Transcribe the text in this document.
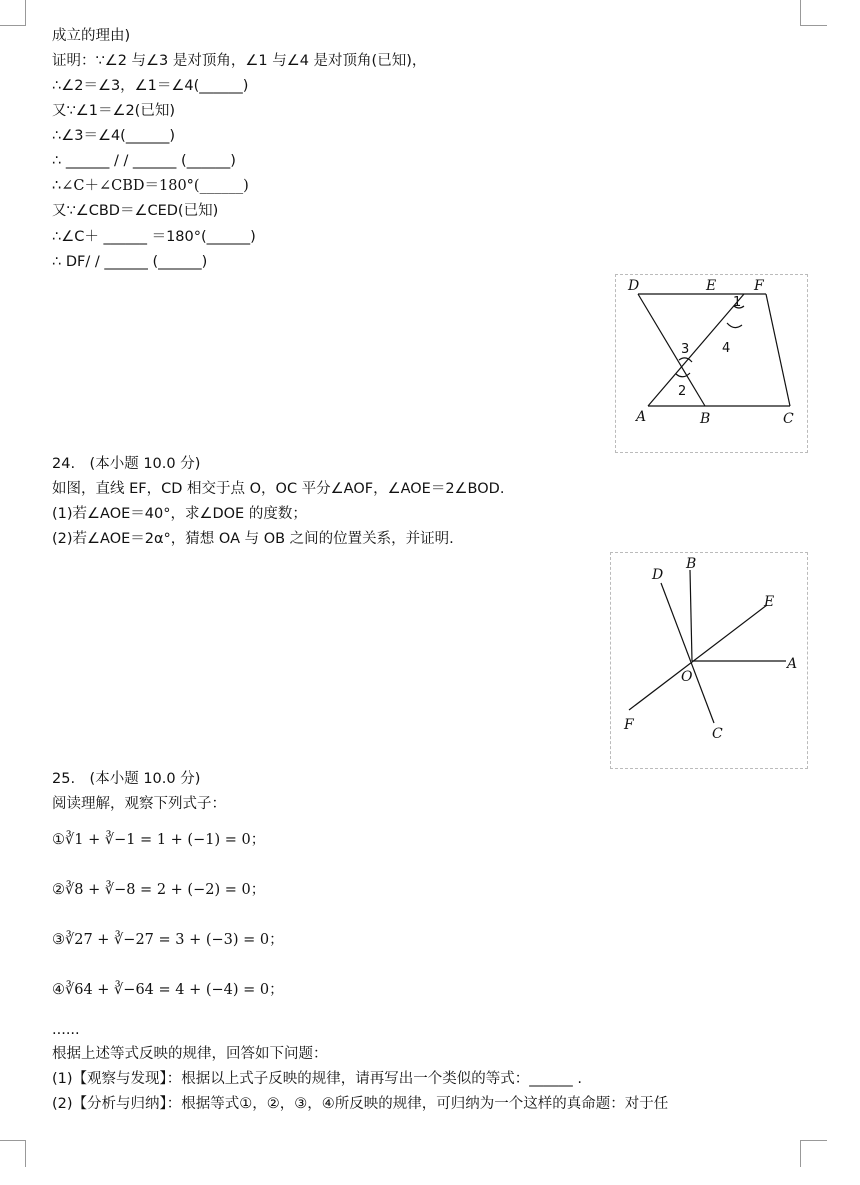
成立的理由)
证明：∵∠2 与∠3 是对顶角，∠1 与∠4 是对顶角(已知)，
∴∠2＝∠3，∠1＝∠4(______)
又∵∠1＝∠2(已知)
∴∠3＝∠4(______)
∴ ______ / / ______ (______)
∴∠C＋∠CBD＝180°(______)
又∵∠CBD＝∠CED(已知)
∴∠C＋ ______ ＝180°(______)
∴ DF/ / ______ (______)
D	E	F
A	B	C
1
4
3
2
24.　(本小题 10.0 分)
如图，直线 EF，CD 相交于点 O，OC 平分∠AOF，∠AOE＝2∠BOD.
(1)若∠AOE＝40°，求∠DOE 的度数；
(2)若∠AOE＝2α°，猜想 OA 与 OB 之间的位置关系，并证明.
D
B
E
A
O
F
C
25.　(本小题 10.0 分)
阅读理解，观察下列式子：
①∛1 + ∛−1 = 1 + (−1) = 0；
②∛8 + ∛−8 = 2 + (−2) = 0；
③∛27 + ∛−27 = 3 + (−3) = 0；
④∛64 + ∛−64 = 4 + (−4) = 0；
......
根据上述等式反映的规律，回答如下问题：
(1)【观察与发现】：根据以上式子反映的规律，请再写出一个类似的等式：______ .
(2)【分析与归纳】：根据等式①，②，③，④所反映的规律，可归纳为一个这样的真命题：对于任
